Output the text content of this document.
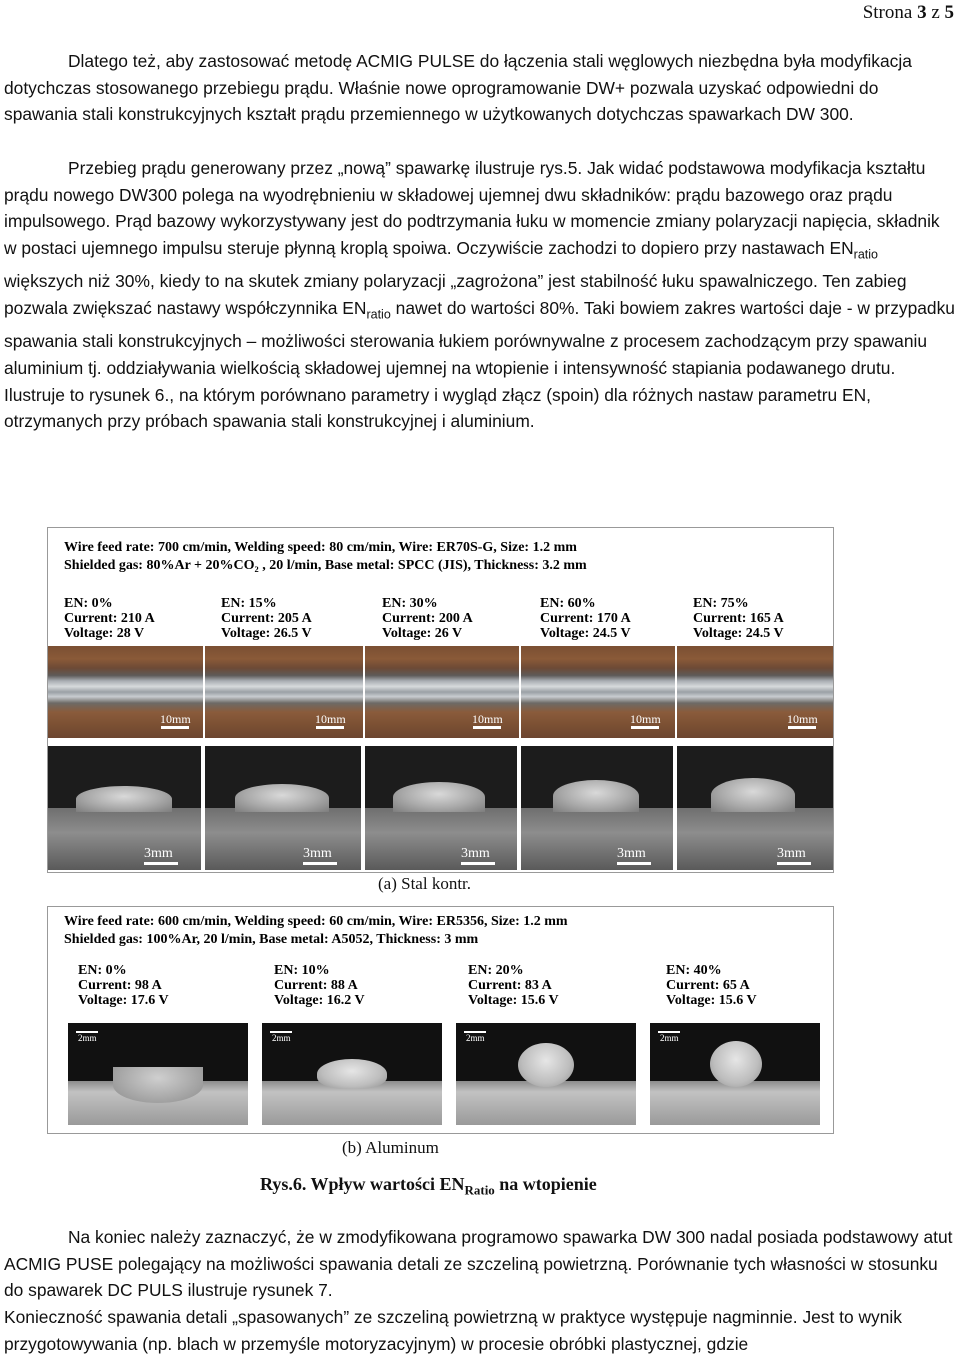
Strona 3 z 5

Dlatego też, aby zastosować metodę ACMIG PULSE do łączenia stali węglowych niezbędna była modyfikacja dotychczas stosowanego przebiegu prądu. Właśnie nowe oprogramowanie DW+ pozwala uzyskać odpowiedni do spawania stali konstrukcyjnych kształt prądu przemiennego w użytkowanych dotychczas spawarkach DW 300.

Przebieg prądu generowany przez „nową” spawarkę ilustruje rys.5. Jak widać podstawowa modyfikacja kształtu prądu nowego DW300 polega na wyodrębnieniu w składowej ujemnej dwu składników: prądu bazowego oraz prądu impulsowego. Prąd bazowy wykorzystywany jest do podtrzymania łuku w momencie zmiany polaryzacji napięcia, składnik w postaci ujemnego impulsu steruje płynną kroplą spoiwa. Oczywiście zachodzi to dopiero przy nastawach $EN_{ratio}$ większych niż 30%, kiedy to na skutek zmiany polaryzacji „zagrożona” jest stabilność łuku spawalniczego. Ten zabieg pozwala zwiększać nastawy współczynnika $EN_{ratio}$ nawet do wartości 80%. Taki bowiem zakres wartości daje - w przypadku spawania stali konstrukcyjnych – możliwości sterowania łukiem porównywalne z procesem zachodzącym przy spawaniu aluminium tj. oddziaływania wielkością składowej ujemnej na wtopienie i intensywność stapiania podawanego drutu. Ilustruje to rysunek 6., na którym porównano parametry i wygląd złącz (spoin) dla różnych nastaw parametru EN, otrzymanych przy próbach spawania stali konstrukcyjnej i aluminium.

Wire feed rate: 700 cm/min, Welding speed: 80 cm/min, Wire: ER70S-G, Size: 1.2 mm
Shielded gas: 80%Ar + 20%CO₂ , 20 l/min, Base metal: SPCC (JIS), Thickness: 3.2 mm
EN: 0%
Current: 210 A
Voltage: 28 V
EN: 15%
Current: 205 A
Voltage: 26.5 V
EN: 30%
Current: 200 A
Voltage: 26 V
EN: 60%
Current: 170 A
Voltage: 24.5 V
EN: 75%
Current: 165 A
Voltage: 24.5 V
10mm	10mm	10mm	10mm	10mm
3mm	3mm	3mm	3mm	3mm
(a) Stal kontr.
Wire feed rate: 600 cm/min, Welding speed: 60 cm/min, Wire: ER5356, Size: 1.2 mm
Shielded gas: 100%Ar, 20 l/min, Base metal: A5052, Thickness: 3 mm
EN: 0%
Current: 98 A
Voltage: 17.6 V
EN: 10%
Current: 88 A
Voltage: 16.2 V
EN: 20%
Current: 83 A
Voltage: 15.6 V
EN: 40%
Current: 65 A
Voltage: 15.6 V
2mm	2mm	2mm	2mm
(b) Aluminum
Rys.6. Wpływ wartości $EN_{Ratio}$ na wtopienie

Na koniec należy zaznaczyć, że w zmodyfikowana programowo spawarka DW 300 nadal posiada podstawowy atut ACMIG PUSE polegający na możliwości spawania detali ze szczeliną powietrzną. Porównanie tych własności w stosunku do spawarek DC PULS ilustruje rysunek 7.
Konieczność spawania detali „spasowanych” ze szczeliną powietrzną w praktyce występuje nagminnie. Jest to wynik przygotowywania (np. blach w przemyśle motoryzacyjnym) w procesie obróbki plastycznej, gdzie
